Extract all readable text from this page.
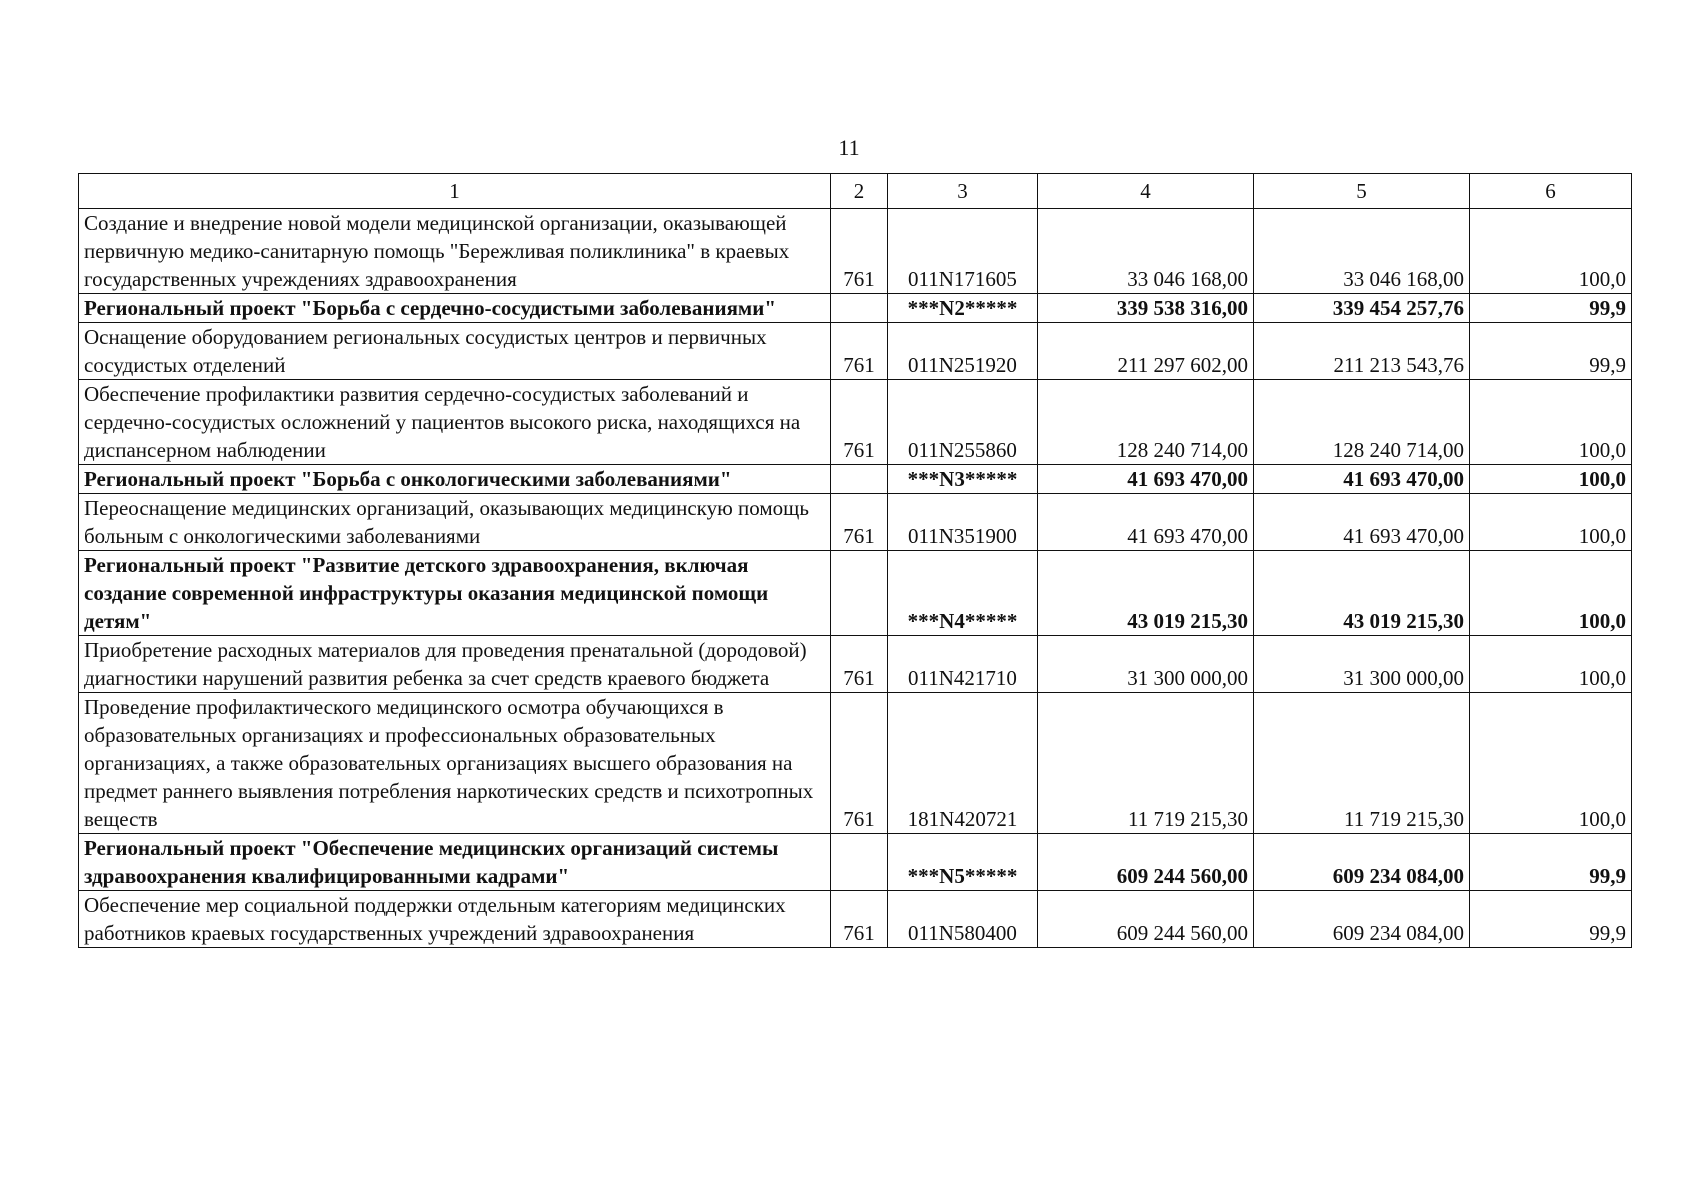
11
1	2	3	4	5	6
Создание и внедрение новой модели медицинской организации, оказывающей первичную медико-санитарную помощь "Бережливая поликлиника" в краевых государственных учреждениях здравоохранения	761	011N171605	33 046 168,00	33 046 168,00	100,0
Региональный проект "Борьба с сердечно-сосудистыми заболеваниями"		***N2*****	339 538 316,00	339 454 257,76	99,9
Оснащение оборудованием региональных сосудистых центров и первичных сосудистых отделений	761	011N251920	211 297 602,00	211 213 543,76	99,9
Обеспечение профилактики развития сердечно-сосудистых заболеваний и сердечно-сосудистых осложнений у пациентов высокого риска, находящихся на диспансерном наблюдении	761	011N255860	128 240 714,00	128 240 714,00	100,0
Региональный проект "Борьба с онкологическими заболеваниями"		***N3*****	41 693 470,00	41 693 470,00	100,0
Переоснащение медицинских организаций, оказывающих медицинскую помощь больным с онкологическими заболеваниями	761	011N351900	41 693 470,00	41 693 470,00	100,0
Региональный проект "Развитие детского здравоохранения, включая создание современной инфраструктуры оказания медицинской помощи детям"		***N4*****	43 019 215,30	43 019 215,30	100,0
Приобретение расходных материалов для проведения пренатальной (дородовой) диагностики нарушений развития ребенка за счет средств краевого бюджета	761	011N421710	31 300 000,00	31 300 000,00	100,0
Проведение профилактического медицинского осмотра обучающихся в образовательных организациях и профессиональных образовательных организациях, а также образовательных организациях высшего образования на предмет раннего выявления потребления наркотических средств и психотропных веществ	761	181N420721	11 719 215,30	11 719 215,30	100,0
Региональный проект "Обеспечение медицинских организаций системы здравоохранения квалифицированными кадрами"		***N5*****	609 244 560,00	609 234 084,00	99,9
Обеспечение мер социальной поддержки отдельным категориям медицинских работников краевых государственных учреждений здравоохранения	761	011N580400	609 244 560,00	609 234 084,00	99,9
